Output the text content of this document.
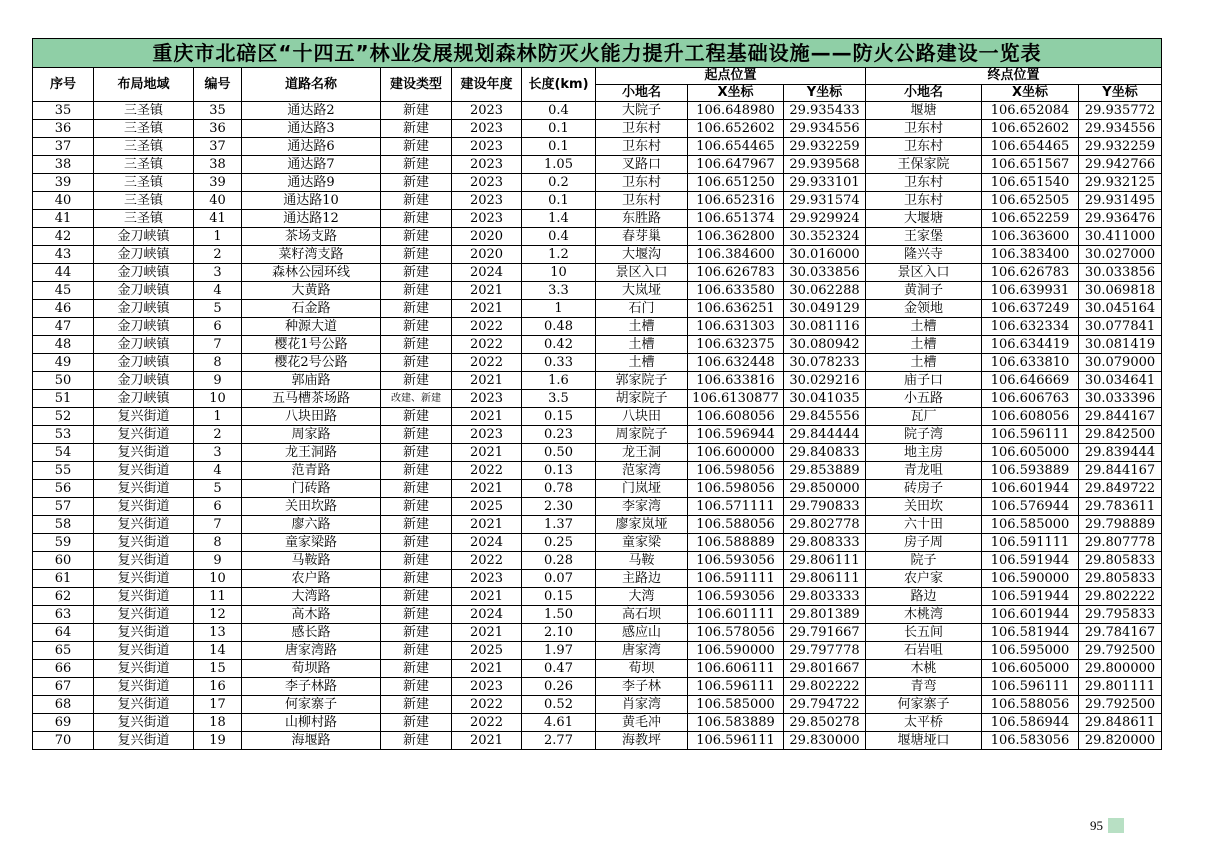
重庆市北碚区“十四五”林业发展规划森林防灭火能力提升工程基础设施——防火公路建设一览表												
序号	布局地域	编号	道路名称	建设类型	建设年度	长度(km)	起点位置			终点位置		
							小地名	X坐标	Y坐标	小地名	X坐标	Y坐标
35	三圣镇	35	通达路2	新建	2023	0.4	大院子	106.648980	29.935433	堰塘	106.652084	29.935772
36	三圣镇	36	通达路3	新建	2023	0.1	卫东村	106.652602	29.934556	卫东村	106.652602	29.934556
37	三圣镇	37	通达路6	新建	2023	0.1	卫东村	106.654465	29.932259	卫东村	106.654465	29.932259
38	三圣镇	38	通达路7	新建	2023	1.05	叉路口	106.647967	29.939568	王保家院	106.651567	29.942766
39	三圣镇	39	通达路9	新建	2023	0.2	卫东村	106.651250	29.933101	卫东村	106.651540	29.932125
40	三圣镇	40	通达路10	新建	2023	0.1	卫东村	106.652316	29.931574	卫东村	106.652505	29.931495
41	三圣镇	41	通达路12	新建	2023	1.4	东胜路	106.651374	29.929924	大堰塘	106.652259	29.936476
42	金刀峡镇	1	茶场支路	新建	2020	0.4	春芽巢	106.362800	30.352324	王家堡	106.363600	30.411000
43	金刀峡镇	2	菜籽湾支路	新建	2020	1.2	大堰沟	106.384600	30.016000	隆兴寺	106.383400	30.027000
44	金刀峡镇	3	森林公园环线	新建	2024	10	景区入口	106.626783	30.033856	景区入口	106.626783	30.033856
45	金刀峡镇	4	大黄路	新建	2021	3.3	大岚垭	106.633580	30.062288	黄洞子	106.639931	30.069818
46	金刀峡镇	5	石金路	新建	2021	1	石门	106.636251	30.049129	金领地	106.637249	30.045164
47	金刀峡镇	6	种源大道	新建	2022	0.48	土槽	106.631303	30.081116	土槽	106.632334	30.077841
48	金刀峡镇	7	樱花1号公路	新建	2022	0.42	土槽	106.632375	30.080942	土槽	106.634419	30.081419
49	金刀峡镇	8	樱花2号公路	新建	2022	0.33	土槽	106.632448	30.078233	土槽	106.633810	30.079000
50	金刀峡镇	9	郭庙路	新建	2021	1.6	郭家院子	106.633816	30.029216	庙子口	106.646669	30.034641
51	金刀峡镇	10	五马槽茶场路	改建、新建	2023	3.5	胡家院子	106.6130877	30.041035	小五路	106.606763	30.033396
52	复兴街道	1	八块田路	新建	2021	0.15	八块田	106.608056	29.845556	瓦厂	106.608056	29.844167
53	复兴街道	2	周家路	新建	2023	0.23	周家院子	106.596944	29.844444	院子湾	106.596111	29.842500
54	复兴街道	3	龙王洞路	新建	2021	0.50	龙王洞	106.600000	29.840833	地主房	106.605000	29.839444
55	复兴街道	4	范青路	新建	2022	0.13	范家湾	106.598056	29.853889	青龙咀	106.593889	29.844167
56	复兴街道	5	门砖路	新建	2021	0.78	门岚垭	106.598056	29.850000	砖房子	106.601944	29.849722
57	复兴街道	6	关田坎路	新建	2025	2.30	李家湾	106.571111	29.790833	关田坎	106.576944	29.783611
58	复兴街道	7	廖六路	新建	2021	1.37	廖家岚垭	106.588056	29.802778	六十田	106.585000	29.798889
59	复兴街道	8	童家梁路	新建	2024	0.25	童家梁	106.588889	29.808333	房子周	106.591111	29.807778
60	复兴街道	9	马鞍路	新建	2022	0.28	马鞍	106.593056	29.806111	院子	106.591944	29.805833
61	复兴街道	10	农户路	新建	2023	0.07	主路边	106.591111	29.806111	农户家	106.590000	29.805833
62	复兴街道	11	大湾路	新建	2021	0.15	大湾	106.593056	29.803333	路边	106.591944	29.802222
63	复兴街道	12	高木路	新建	2024	1.50	高石坝	106.601111	29.801389	木桃湾	106.601944	29.795833
64	复兴街道	13	感长路	新建	2021	2.10	感应山	106.578056	29.791667	长五间	106.581944	29.784167
65	复兴街道	14	唐家湾路	新建	2025	1.97	唐家湾	106.590000	29.797778	石岩咀	106.595000	29.792500
66	复兴街道	15	荀坝路	新建	2021	0.47	荀坝	106.606111	29.801667	木桃	106.605000	29.800000
67	复兴街道	16	李子林路	新建	2023	0.26	李子林	106.596111	29.802222	青弯	106.596111	29.801111
68	复兴街道	17	何家寨子	新建	2022	0.52	肖家湾	106.585000	29.794722	何家寨子	106.588056	29.792500
69	复兴街道	18	山柳村路	新建	2022	4.61	黄毛冲	106.583889	29.850278	太平桥	106.586944	29.848611
70	复兴街道	19	海堰路	新建	2021	2.77	海教坪	106.596111	29.830000	堰塘垭口	106.583056	29.820000
95
